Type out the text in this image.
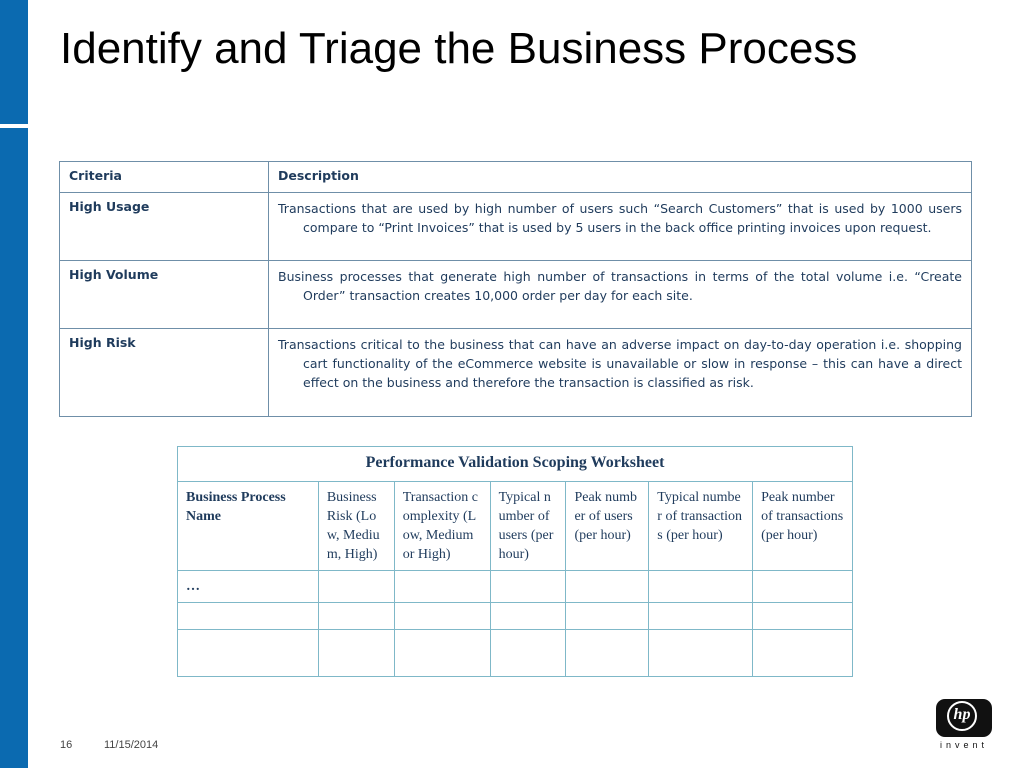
Identify and Triage the Business Process
Criteria	Description
High Usage	Transactions that are used by high number of users such “Search Customers” that is used by 1000 users compare to “Print Invoices” that is used by 5 users in the back office printing invoices upon request.

High Volume	Business processes that generate high number of transactions in terms of the total volume i.e. “Create Order” transaction creates 10,000 order per day for each site.

High Risk	Transactions critical to the business that can have an adverse impact on day-to-day operation i.e. shopping cart functionality of the eCommerce website is unavailable or slow in response – this can have a direct effect on the business and therefore the transaction is classified as risk.
Performance Validation Scoping Worksheet						
Business Process Name	Business Risk (Low, Medium, High)	Transaction complexity (Low, Medium or High)	Typical number of users (per hour)	Peak number of users (per hour)	Typical number of transactions (per hour)	Peak number of transactions (per hour)
…						

16	11/15/2014
hp
invent
